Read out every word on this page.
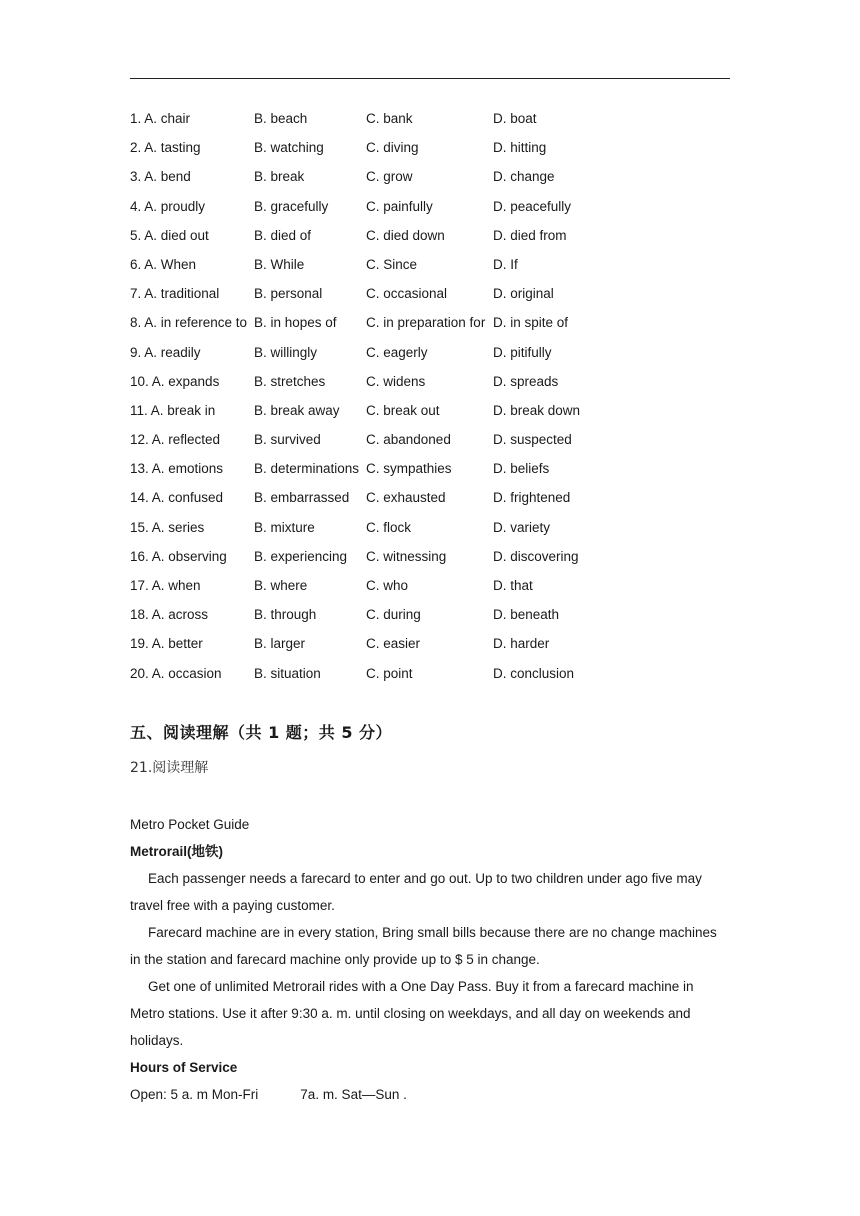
1. A. chair	B. beach	C. bank	D. boat
2. A. tasting	B. watching	C. diving	D. hitting
3. A. bend	B. break	C. grow	D. change
4. A. proudly	B. gracefully	C. painfully	D. peacefully
5. A. died out	B. died of	C. died down	D. died from
6. A. When	B. While	C. Since	D. If
7. A. traditional	B. personal	C. occasional	D. original
8. A. in reference to B. in hopes of C. in preparation for D. in spite of
9. A. readily	B. willingly	C. eagerly	D. pitifully
10. A. expands	B. stretches	C. widens	D. spreads
11. A. break in	B. break away C. break out	D. break down
12. A. reflected	B. survived	C. abandoned	D. suspected
13. A. emotions B. determinations C. sympathies	D. beliefs
14. A. confused B. embarrassed C. exhausted	D. frightened
15. A. series	B. mixture	C. flock	D. variety
16. A. observing B. experiencing C. witnessing	D. discovering
17. A. when	B. where	C. who	D. that
18. A. across	B. through	C. during	D. beneath
19. A. better	B. larger	C. easier	D. harder
20. A. occasion B. situation	C. point	D. conclusion
五、阅读理解（共 1 题；共 5 分）
21.阅读理解

Metro Pocket Guide

Metrorail(地铁)

Each passenger needs a farecard to enter and go out. Up to two children under ago five may

travel free with a paying customer.

Farecard machine are in every station, Bring small bills because there are no change machines

in the station and farecard machine only provide up to $ 5 in change.

Get one of unlimited Metrorail rides with a One Day Pass. Buy it from a farecard machine in

Metro stations. Use it after 9:30 a. m. until closing on weekdays, and all day on weekends and

holidays.

Hours of Service

Open: 5 a. m Mon-Fri	7a. m. Sat—Sun .
